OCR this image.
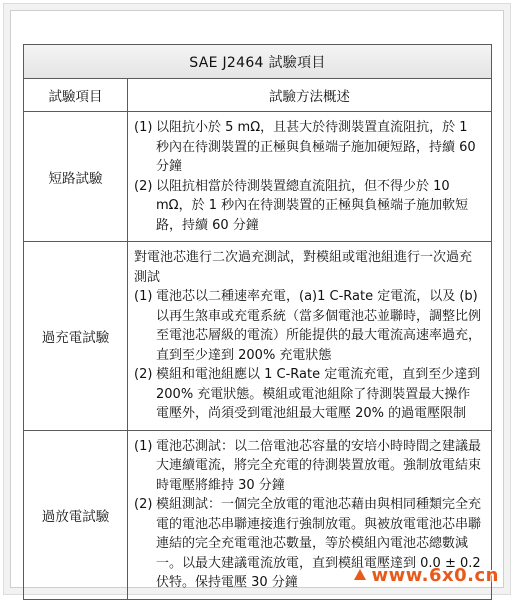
SAE J2464 試驗項目
試驗項目	試驗方法概述
短路試驗	(1) 以阻抗小於 5 mΩ，且甚大於待測裝置直流阻抗，於 1 秒內在待測裝置的正極與負極端子施加硬短路，持續 60 分鐘
(2) 以阻抗相當於待測裝置總直流阻抗，但不得少於 10 mΩ，於 1 秒內在待測裝置的正極與負極端子施加軟短路，持續 60 分鐘

過充電試驗	對電池芯進行二次過充測試，對模組或電池組進行一次過充測試
(1) 電池芯以二種速率充電，(a)1 C-Rate 定電流，以及 (b) 以再生煞車或充電系統（當多個電池芯並聯時，調整比例至電池芯層級的電流）所能提供的最大電流高速率過充，直到至少達到 200% 充電狀態
(2) 模組和電池組應以 1 C-Rate 定電流充電，直到至少達到 200% 充電狀態。模組或電池組除了待測裝置最大操作電壓外，尚須受到電池組最大電壓 20% 的過電壓限制

過放電試驗	(1) 電池芯測試：以二倍電池芯容量的安培小時時間之建議最大連續電流，將完全充電的待測裝置放電。強制放電結束時電壓將維持 30 分鐘
(2) 模組測試：一個完全放電的電池芯藉由與相同種類完全充電的電池芯串聯連接進行強制放電。與被放電電池芯串聯連結的完全充電電池芯數量，等於模組內電池芯總數減一。以最大建議電流放電，直到模組電壓達到 0.0 ± 0.2 伏特。保持電壓 30 分鐘	www.6x0.cn
